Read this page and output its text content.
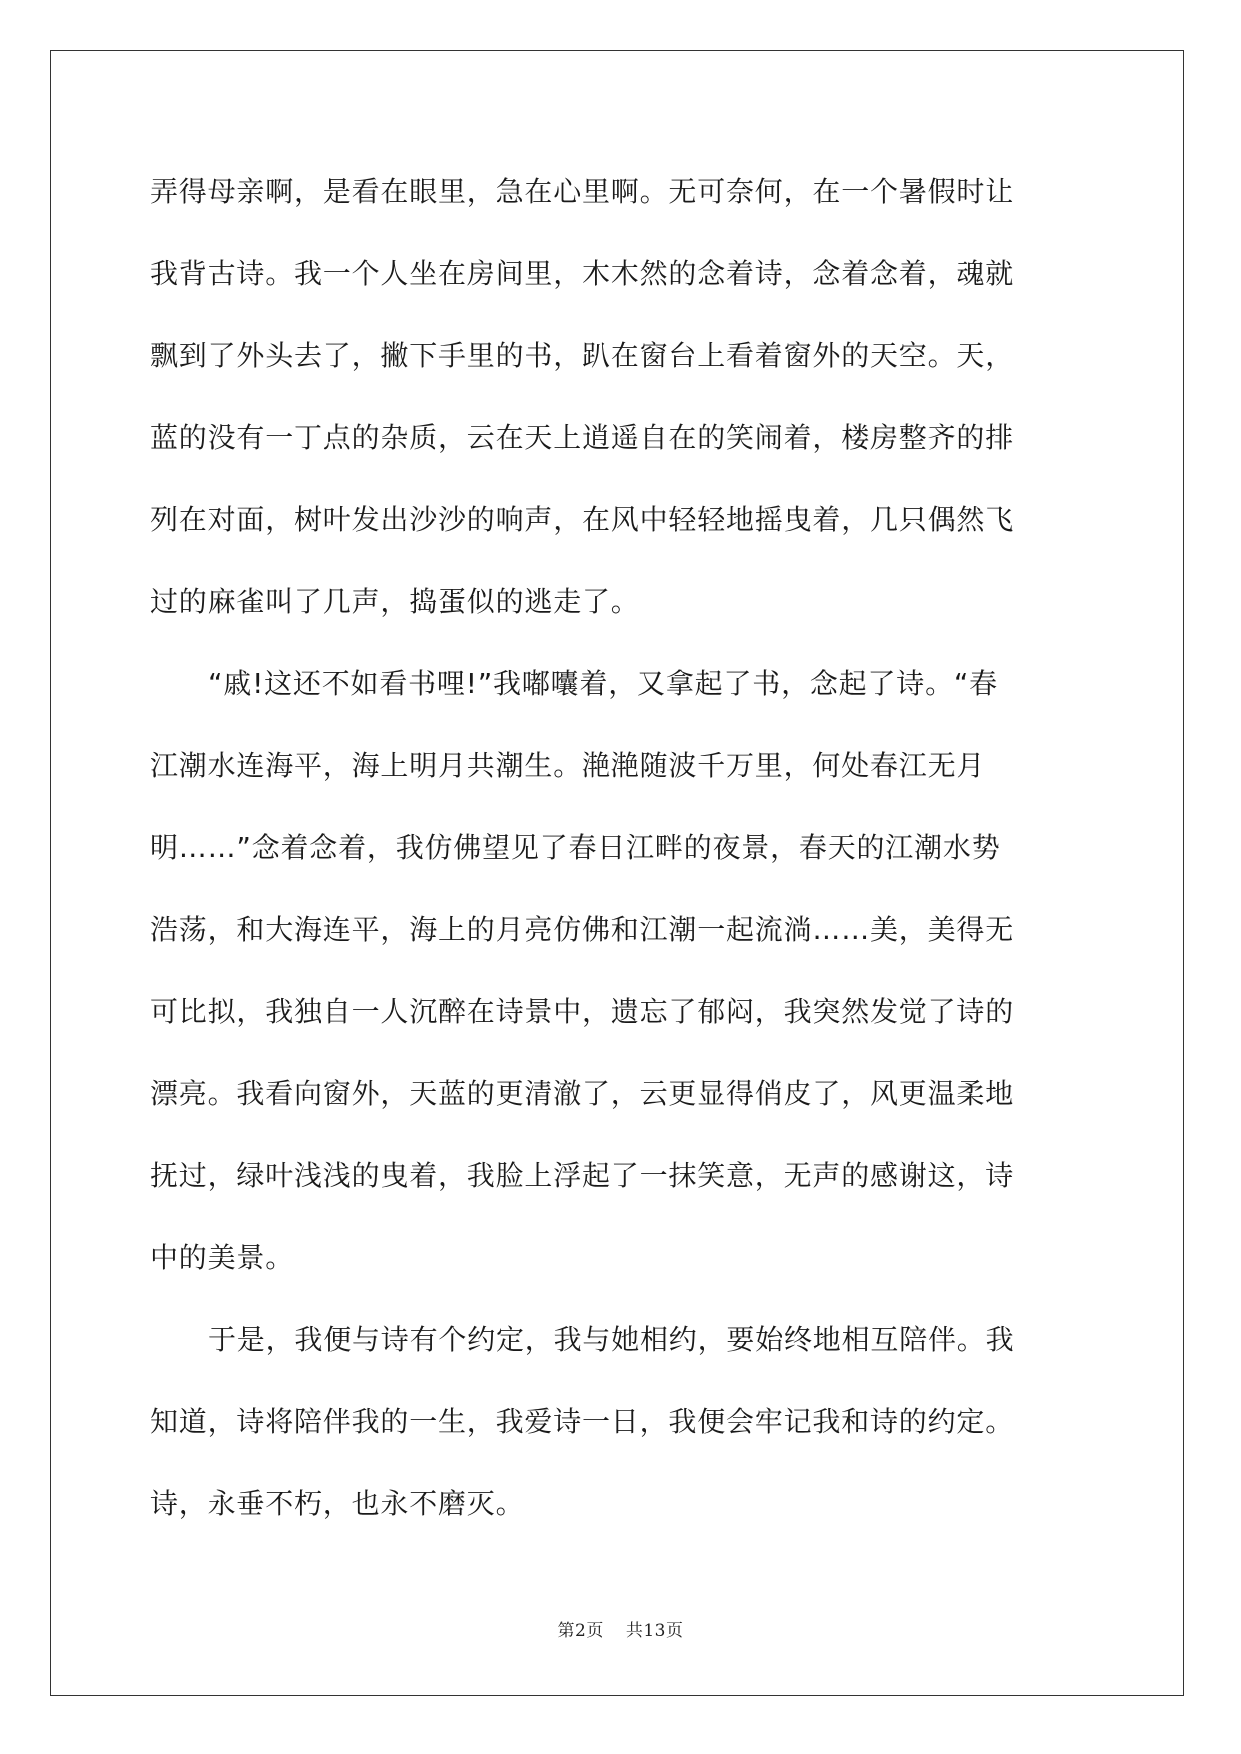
弄得母亲啊，是看在眼里，急在心里啊。无可奈何，在一个暑假时让
我背古诗。我一个人坐在房间里，木木然的念着诗，念着念着，魂就
飘到了外头去了，撇下手里的书，趴在窗台上看着窗外的天空。天，
蓝的没有一丁点的杂质，云在天上逍遥自在的笑闹着，楼房整齐的排
列在对面，树叶发出沙沙的响声，在风中轻轻地摇曳着，几只偶然飞
过的麻雀叫了几声，捣蛋似的逃走了。
“戚!这还不如看书哩!”我嘟囔着，又拿起了书，念起了诗。“春
江潮水连海平，海上明月共潮生。滟滟随波千万里，何处春江无月
明……”念着念着，我仿佛望见了春日江畔的夜景，春天的江潮水势
浩荡，和大海连平，海上的月亮仿佛和江潮一起流淌……美，美得无
可比拟，我独自一人沉醉在诗景中，遗忘了郁闷，我突然发觉了诗的
漂亮。我看向窗外，天蓝的更清澈了，云更显得俏皮了，风更温柔地
抚过，绿叶浅浅的曳着，我脸上浮起了一抹笑意，无声的感谢这，诗
中的美景。
于是，我便与诗有个约定，我与她相约，要始终地相互陪伴。我
知道，诗将陪伴我的一生，我爱诗一日，我便会牢记我和诗的约定。
诗，永垂不朽，也永不磨灭。
第2页 共13页
